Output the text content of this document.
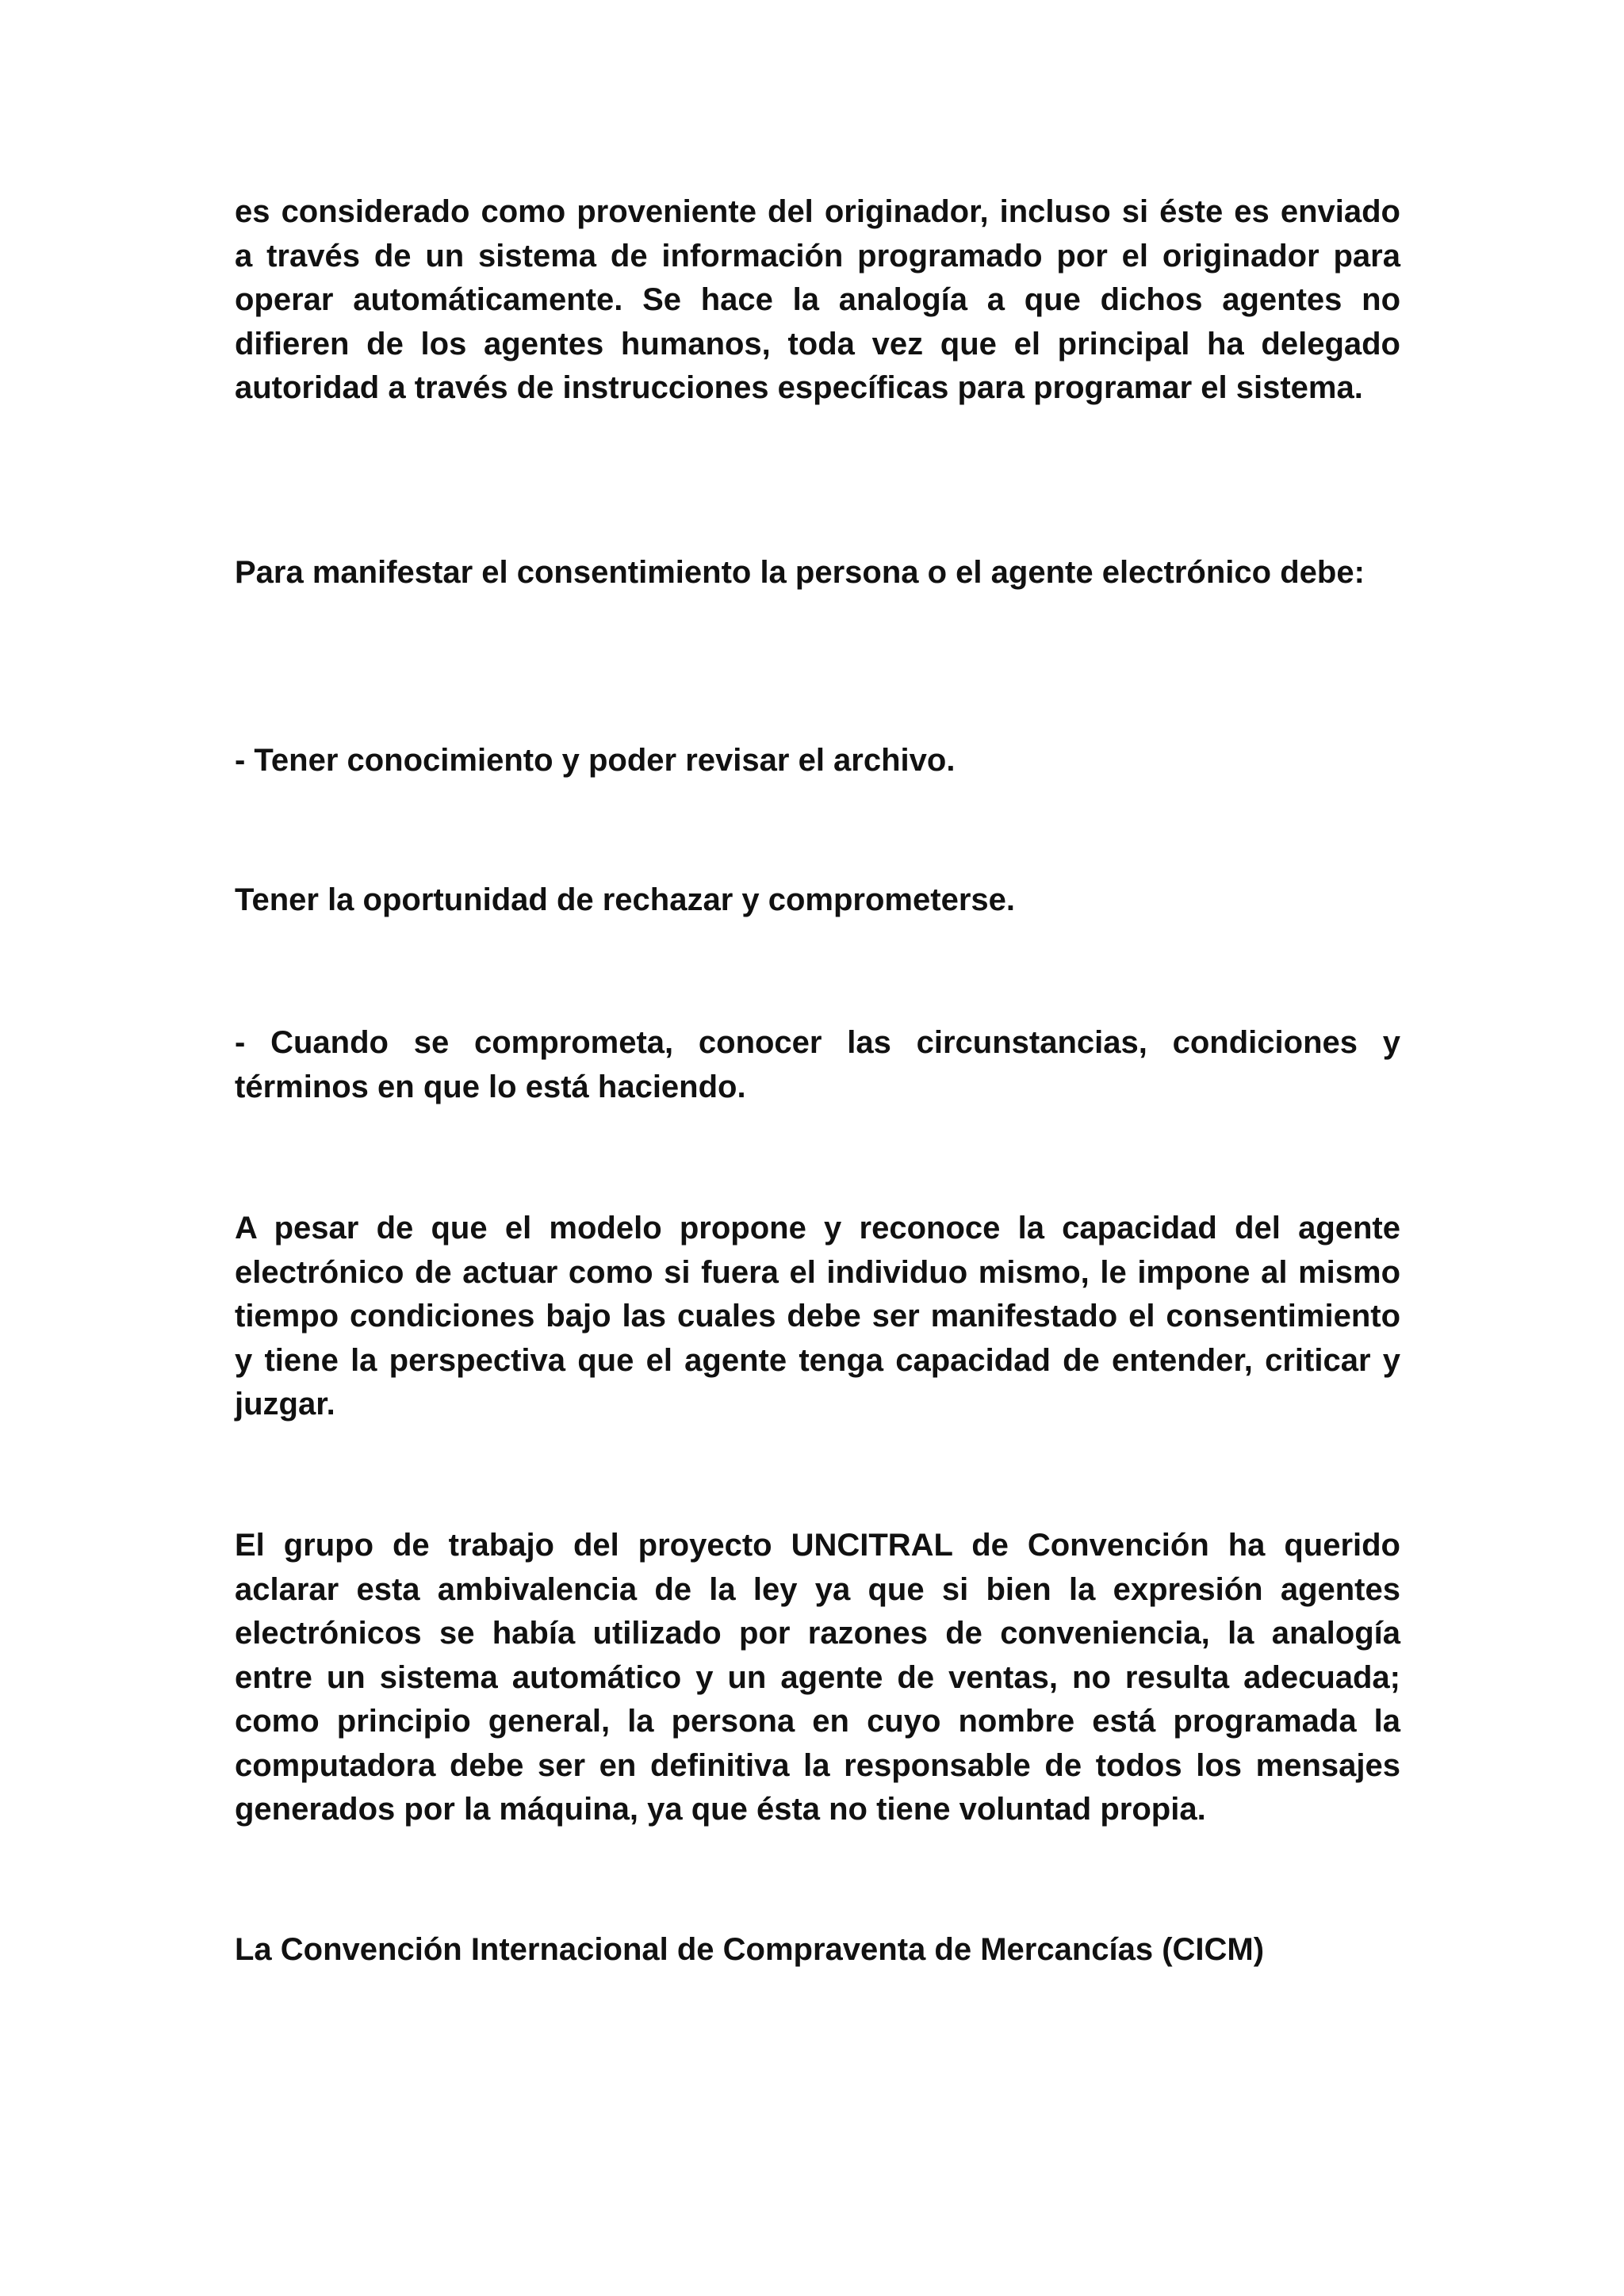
es considerado como proveniente del originador, incluso si éste es enviado a través de un sistema de información programado por el originador para operar automáticamente. Se hace la analogía a que dichos agentes no difieren de los agentes humanos, toda vez que el principal ha delegado autoridad a través de instrucciones específicas para programar el sistema.

Para manifestar el consentimiento la persona o el agente electrónico debe:

- Tener conocimiento y poder revisar el archivo.

Tener la oportunidad de rechazar y comprometerse.

- Cuando se comprometa, conocer las circunstancias, condiciones y términos en que lo está haciendo.

A pesar de que el modelo propone y reconoce la capacidad del agente electrónico de actuar como si fuera el individuo mismo, le impone al mismo tiempo condiciones bajo las cuales debe ser manifestado el consentimiento y tiene la perspectiva que el agente tenga capacidad de entender, criticar y juzgar.

El grupo de trabajo del proyecto UNCITRAL de Convención ha querido aclarar esta ambivalencia de la ley ya que si bien la expresión agentes electrónicos se había utilizado por razones de conveniencia, la analogía entre un sistema automático y un agente de ventas, no resulta adecuada; como principio general, la persona en cuyo nombre está programada la computadora debe ser en definitiva la responsable de todos los mensajes generados por la máquina, ya que ésta no tiene voluntad propia.

La Convención Internacional de Compraventa de Mercancías (CICM)
